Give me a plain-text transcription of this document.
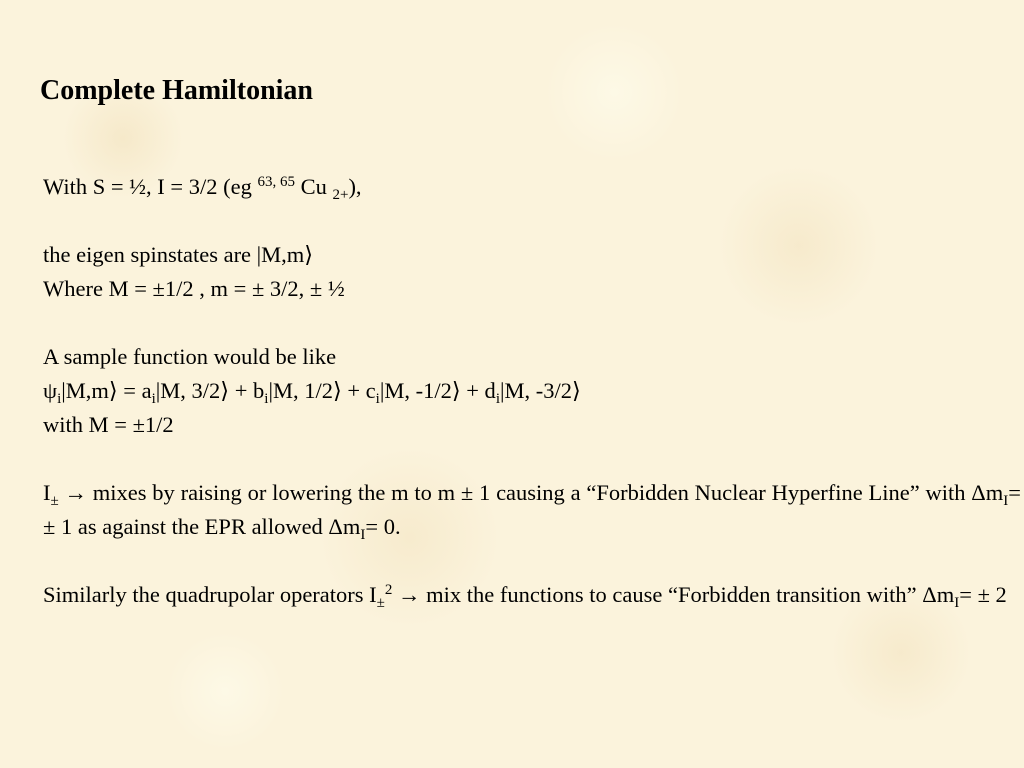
Complete Hamiltonian
With S = ½, I = 3/2 (eg $^{63, 65}$ Cu $_{2+}$),
the eigen spinstates are |M,m⟩
Where M = ±1/2 , m = ± 3/2, ± ½
A sample function would be like
$\psi_i|M,m⟩ = a_i|M$, 3/2⟩ + $b_i|M$, 1/2⟩ + $c_i|M$, -1/2⟩ + $d_i|M$, -3/2⟩
with M = ±1/2
$I_\pm$ → mixes by raising or lowering the m to m ± 1 causing a “Forbidden Nuclear Hyperfine Line” with $\Delta m_I= \pm 1$ as against the EPR allowed $\Delta m_I= 0$.
Similarly the quadrupolar operators $I_\pm^2$ → mix the functions to cause “Forbidden transition with” $\Delta m_I= \pm 2$
